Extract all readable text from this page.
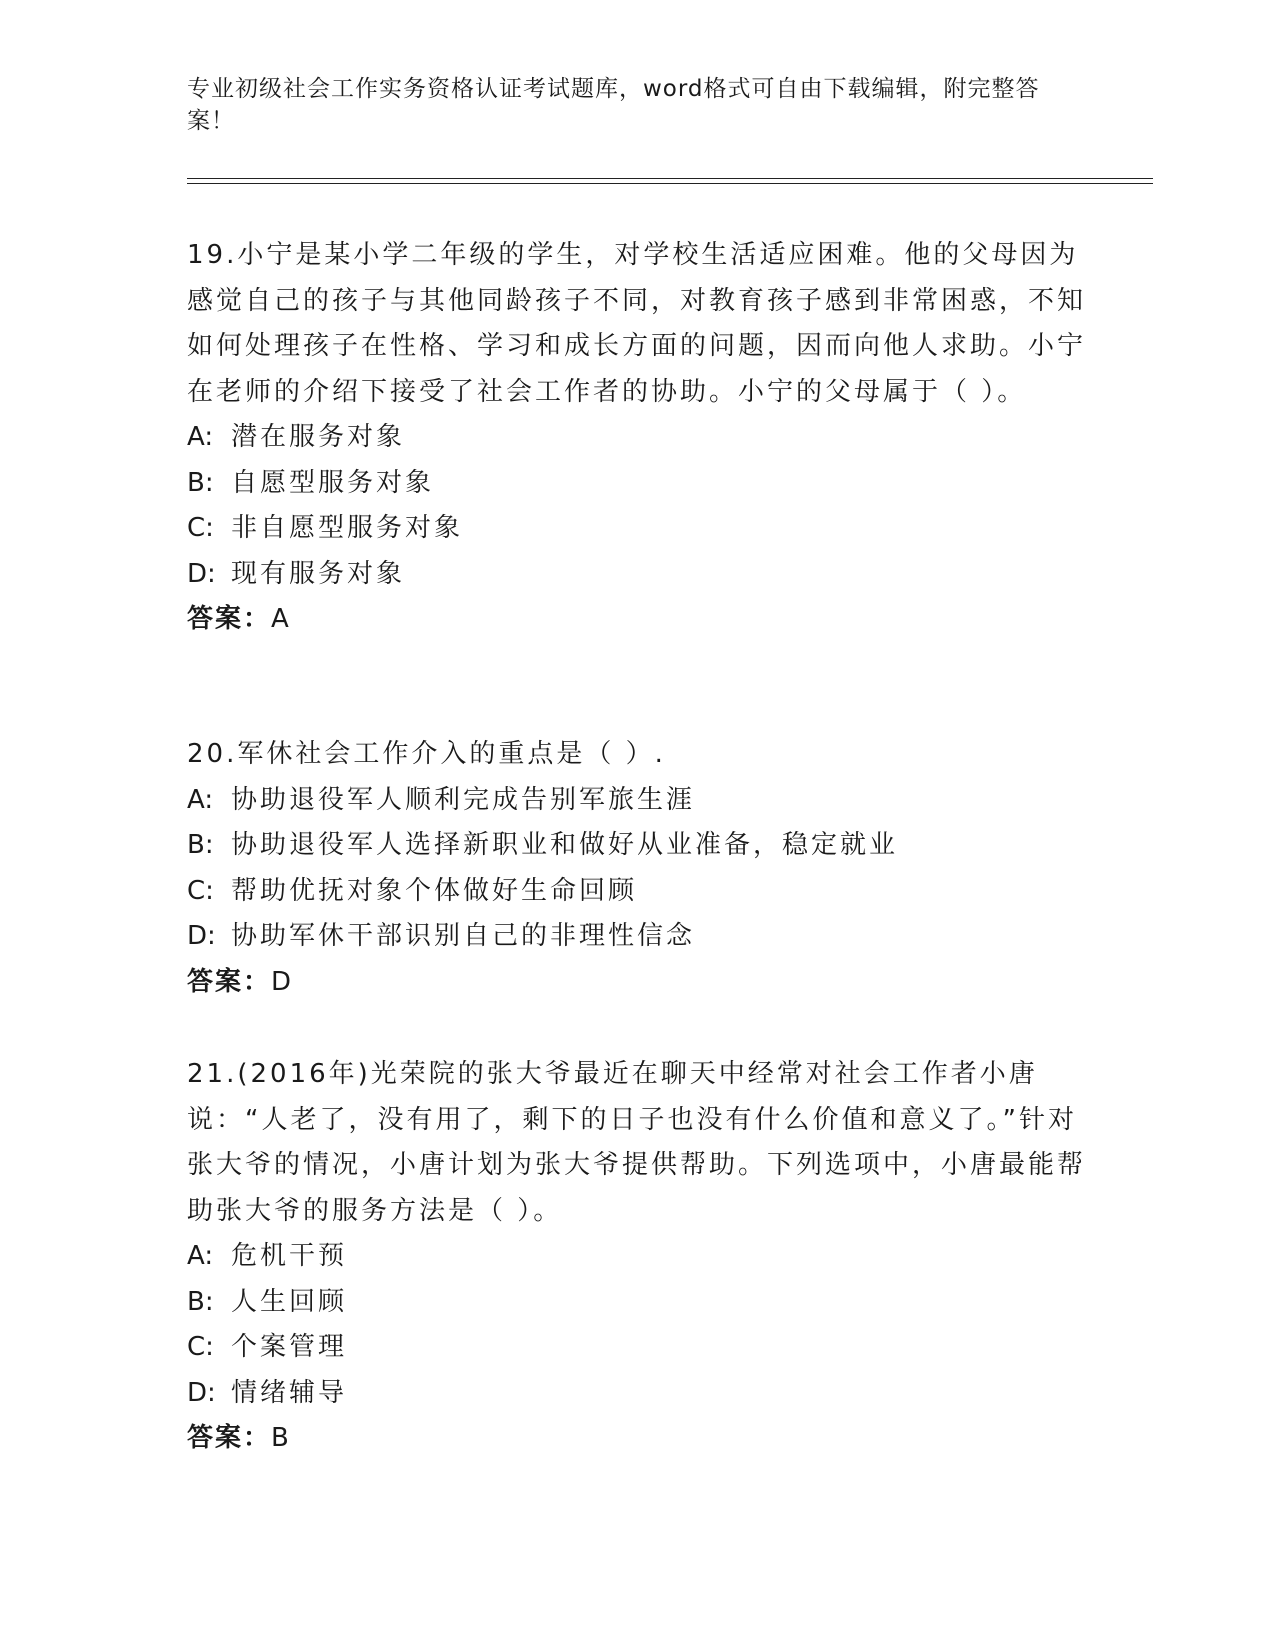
专业初级社会工作实务资格认证考试题库，word格式可自由下载编辑，附完整答案！

19.小宁是某小学二年级的学生，对学校生活适应困难。他的父母因为感觉自己的孩子与其他同龄孩子不同，对教育孩子感到非常困惑，不知如何处理孩子在性格、学习和成长方面的问题，因而向他人求助。小宁在老师的介绍下接受了社会工作者的协助。小宁的父母属于（ ）。

A: 潜在服务对象

B: 自愿型服务对象

C: 非自愿型服务对象

D: 现有服务对象

答案：A

20.军休社会工作介入的重点是（ ）.

A: 协助退役军人顺利完成告别军旅生涯

B: 协助退役军人选择新职业和做好从业准备，稳定就业

C: 帮助优抚对象个体做好生命回顾

D: 协助军休干部识别自己的非理性信念

答案：D

21.(2016年)光荣院的张大爷最近在聊天中经常对社会工作者小唐说：“人老了，没有用了，剩下的日子也没有什么价值和意义了。”针对张大爷的情况，小唐计划为张大爷提供帮助。下列选项中，小唐最能帮助张大爷的服务方法是（ ）。

A: 危机干预

B: 人生回顾

C: 个案管理

D: 情绪辅导

答案：B
